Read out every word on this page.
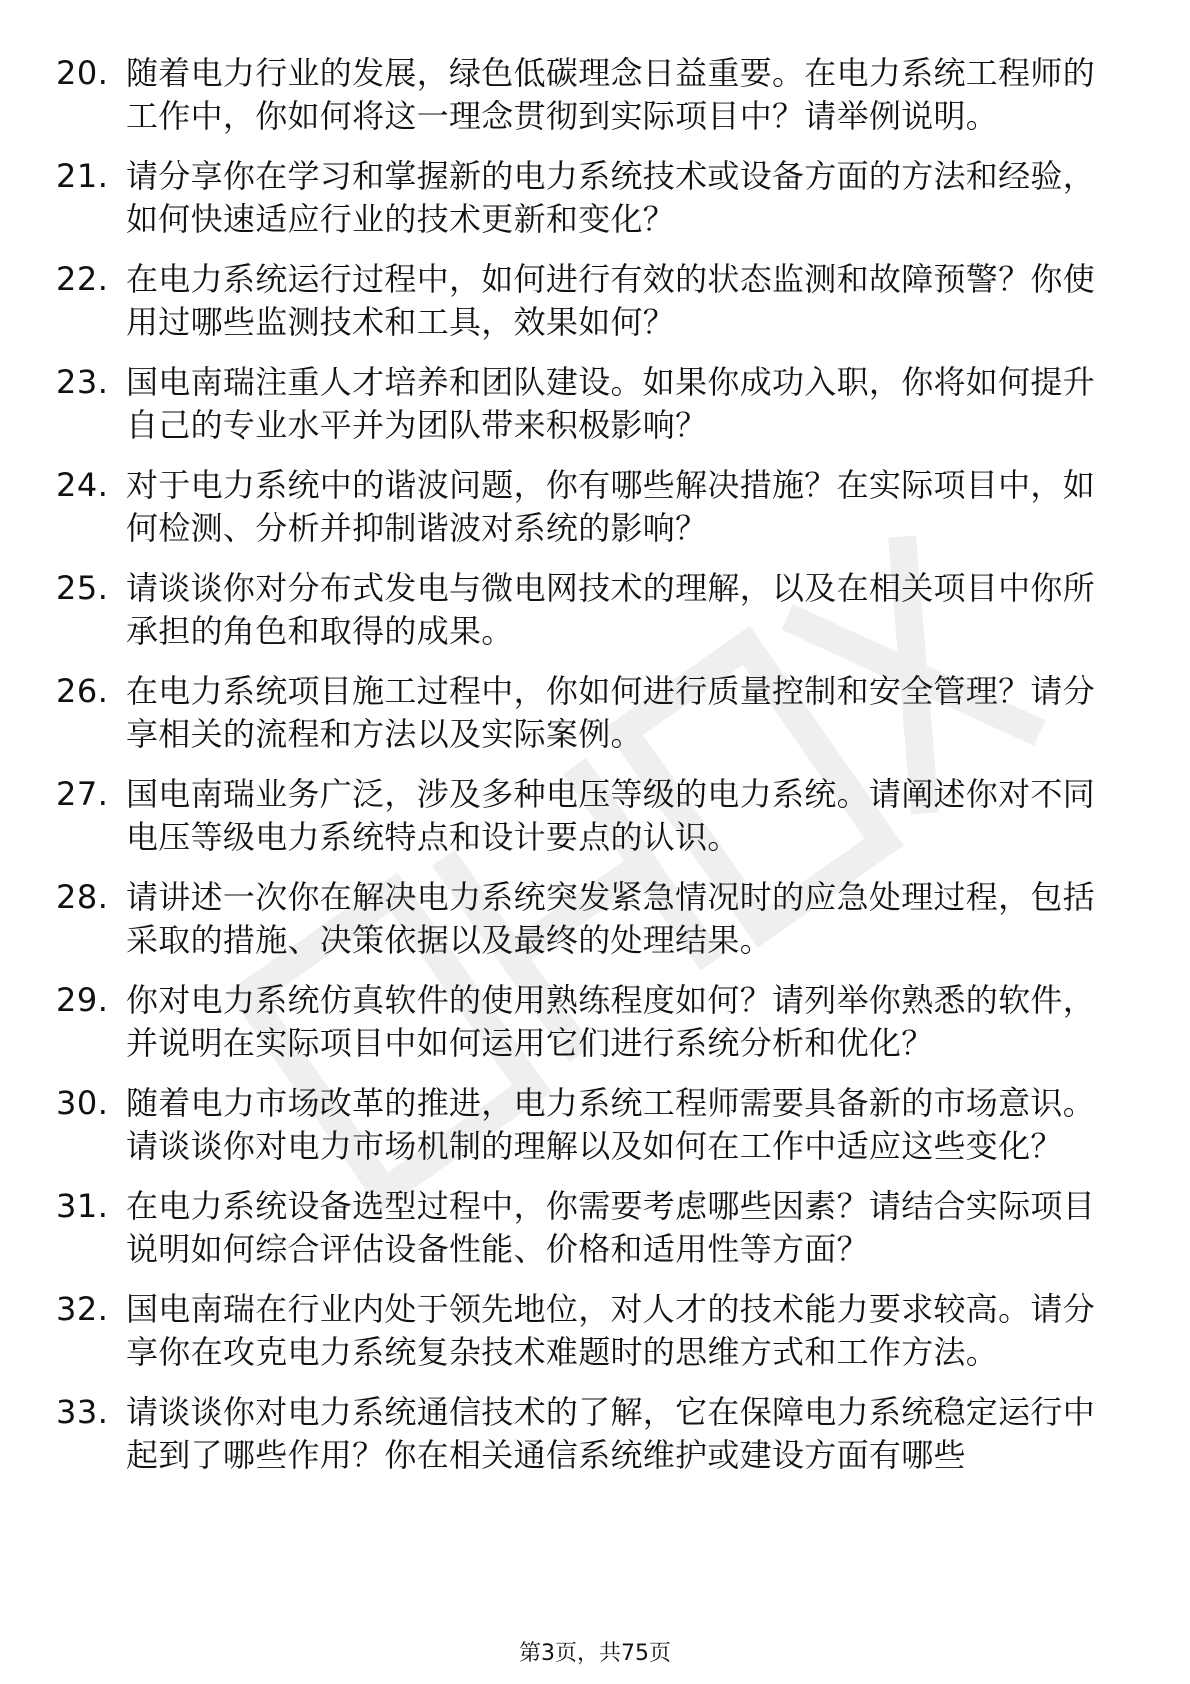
20. 随着电力行业的发展，绿色低碳理念日益重要。在电力系统工程师的工作中，你如何将这一理念贯彻到实际项目中？请举例说明。
21. 请分享你在学习和掌握新的电力系统技术或设备方面的方法和经验，如何快速适应行业的技术更新和变化？
22. 在电力系统运行过程中，如何进行有效的状态监测和故障预警？你使用过哪些监测技术和工具，效果如何？
23. 国电南瑞注重人才培养和团队建设。如果你成功入职，你将如何提升自己的专业水平并为团队带来积极影响？
24. 对于电力系统中的谐波问题，你有哪些解决措施？在实际项目中，如何检测、分析并抑制谐波对系统的影响？
25. 请谈谈你对分布式发电与微电网技术的理解，以及在相关项目中你所承担的角色和取得的成果。
26. 在电力系统项目施工过程中，你如何进行质量控制和安全管理？请分享相关的流程和方法以及实际案例。
27. 国电南瑞业务广泛，涉及多种电压等级的电力系统。请阐述你对不同电压等级电力系统特点和设计要点的认识。
28. 请讲述一次你在解决电力系统突发紧急情况时的应急处理过程，包括采取的措施、决策依据以及最终的处理结果。
29. 你对电力系统仿真软件的使用熟练程度如何？请列举你熟悉的软件，并说明在实际项目中如何运用它们进行系统分析和优化？
30. 随着电力市场改革的推进，电力系统工程师需要具备新的市场意识。请谈谈你对电力市场机制的理解以及如何在工作中适应这些变化？
31. 在电力系统设备选型过程中，你需要考虑哪些因素？请结合实际项目说明如何综合评估设备性能、价格和适用性等方面？
32. 国电南瑞在行业内处于领先地位，对人才的技术能力要求较高。请分享你在攻克电力系统复杂技术难题时的思维方式和工作方法。
33. 请谈谈你对电力系统通信技术的了解，它在保障电力系统稳定运行中起到了哪些作用？你在相关通信系统维护或建设方面有哪些
第3页，共75页
